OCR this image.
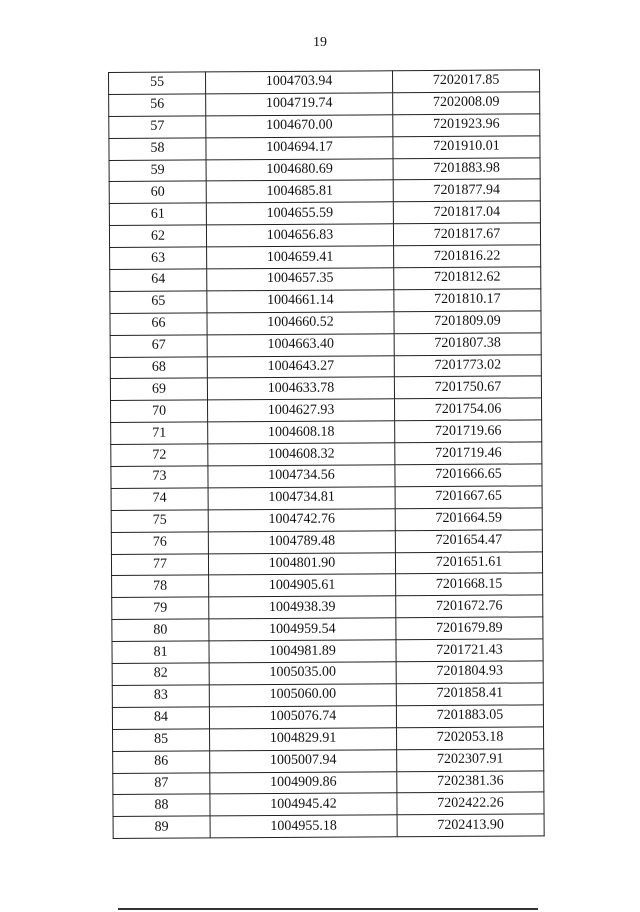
19
55	1004703.94	7202017.85
56	1004719.74	7202008.09
57	1004670.00	7201923.96
58	1004694.17	7201910.01
59	1004680.69	7201883.98
60	1004685.81	7201877.94
61	1004655.59	7201817.04
62	1004656.83	7201817.67
63	1004659.41	7201816.22
64	1004657.35	7201812.62
65	1004661.14	7201810.17
66	1004660.52	7201809.09
67	1004663.40	7201807.38
68	1004643.27	7201773.02
69	1004633.78	7201750.67
70	1004627.93	7201754.06
71	1004608.18	7201719.66
72	1004608.32	7201719.46
73	1004734.56	7201666.65
74	1004734.81	7201667.65
75	1004742.76	7201664.59
76	1004789.48	7201654.47
77	1004801.90	7201651.61
78	1004905.61	7201668.15
79	1004938.39	7201672.76
80	1004959.54	7201679.89
81	1004981.89	7201721.43
82	1005035.00	7201804.93
83	1005060.00	7201858.41
84	1005076.74	7201883.05
85	1004829.91	7202053.18
86	1005007.94	7202307.91
87	1004909.86	7202381.36
88	1004945.42	7202422.26
89	1004955.18	7202413.90
